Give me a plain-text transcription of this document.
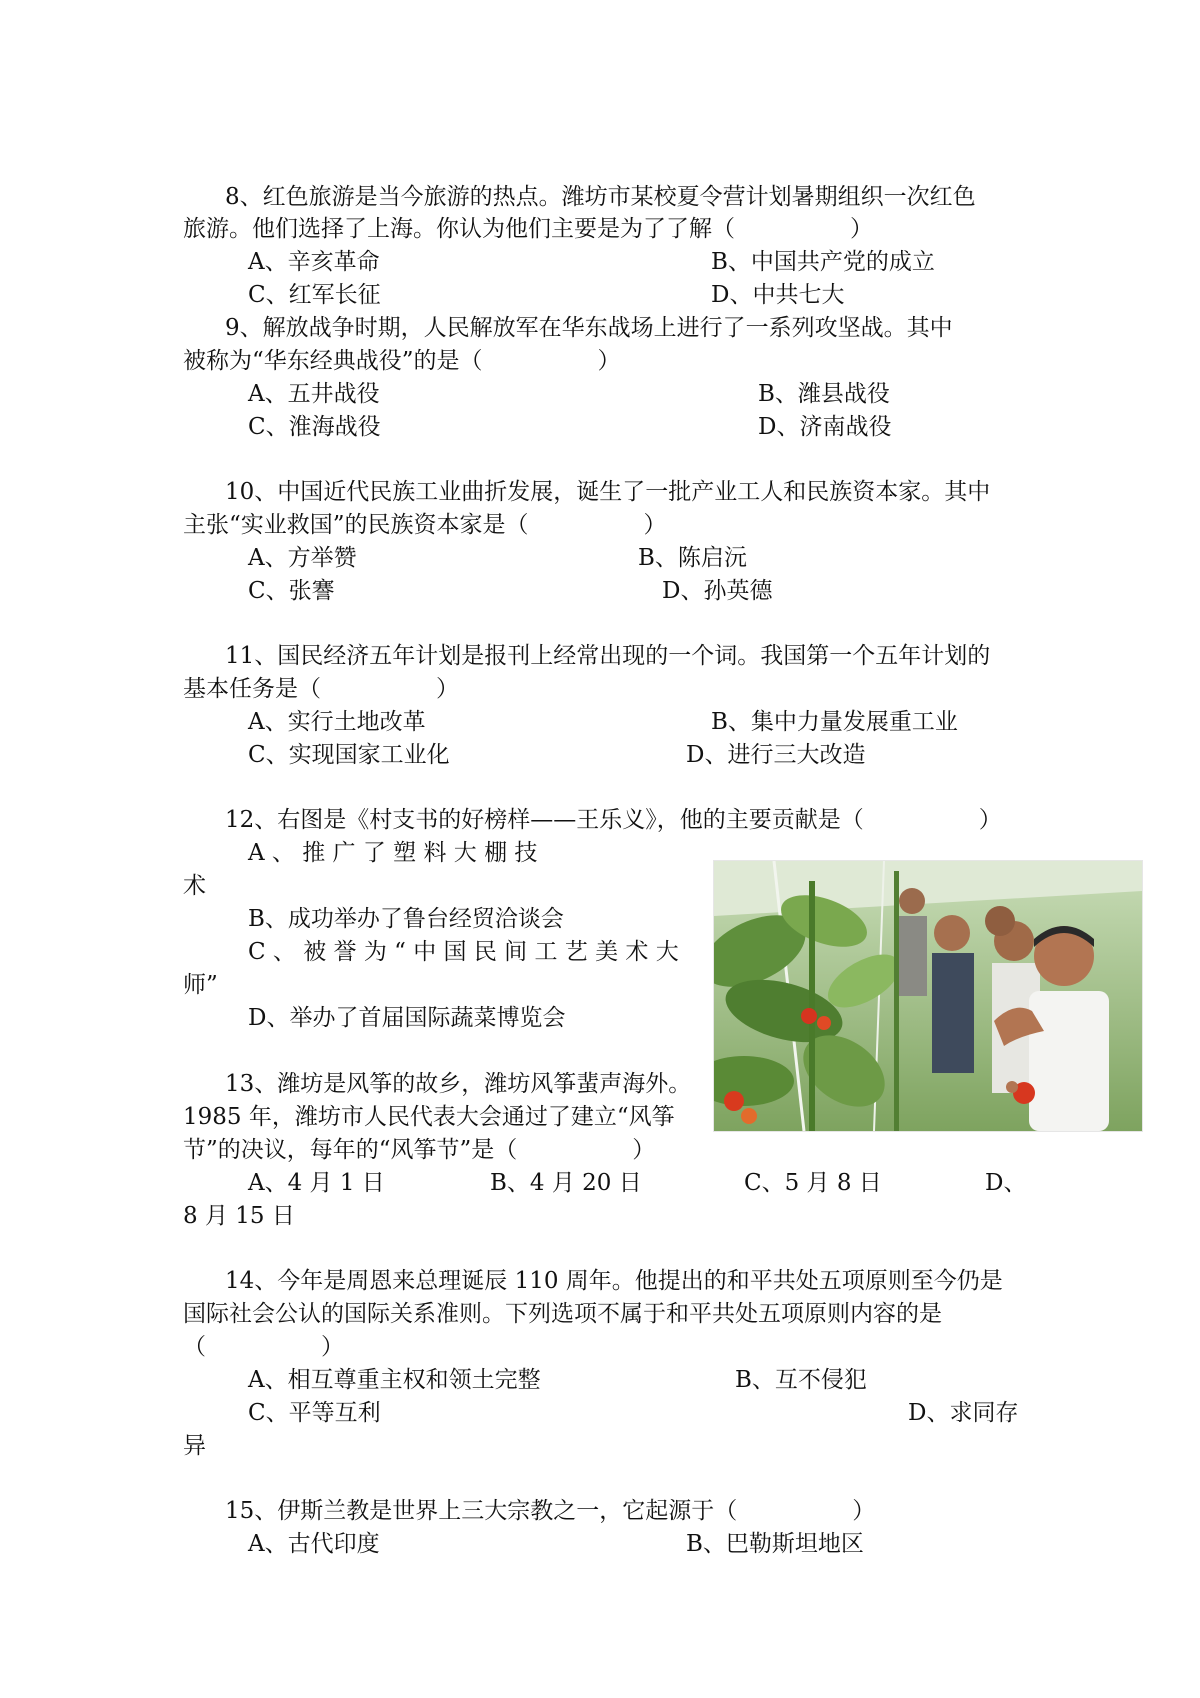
8、红色旅游是当今旅游的热点。潍坊市某校夏令营计划暑期组织一次红色
旅游。他们选择了上海。你认为他们主要是为了了解（　　　　　）
A、辛亥革命	B、中国共产党的成立
C、红军长征	D、中共七大
9、解放战争时期，人民解放军在华东战场上进行了一系列攻坚战。其中
被称为“华东经典战役”的是（　　　　　）
A、五井战役	B、潍县战役
C、淮海战役	D、济南战役
10、中国近代民族工业曲折发展，诞生了一批产业工人和民族资本家。其中
主张“实业救国”的民族资本家是（　　　　　）
A、方举赞	B、陈启沅
C、张謇	D、孙英德
11、国民经济五年计划是报刊上经常出现的一个词。我国第一个五年计划的
基本任务是（　　　　　）
A、实行土地改革	B、集中力量发展重工业
C、实现国家工业化	D、进行三大改造
12、右图是《村支书的好榜样——王乐义》，他的主要贡献是（　　　　　）
A 、 推 广 了 塑 料 大 棚 技
术
B、成功举办了鲁台经贸洽谈会
C 、 被 誉 为 “ 中 国 民 间 工 艺 美 术 大
师”
D、举办了首届国际蔬菜博览会
13、潍坊是风筝的故乡，潍坊风筝蜚声海外。
1985 年，潍坊市人民代表大会通过了建立“风筝
节”的决议，每年的“风筝节”是（　　　　　）
A、4 月 1 日	B、4 月 20 日	C、5 月 8 日	D、
8 月 15 日
14、今年是周恩来总理诞辰 110 周年。他提出的和平共处五项原则至今仍是
国际社会公认的国际关系准则。下列选项不属于和平共处五项原则内容的是
（　　　　　）
A、相互尊重主权和领土完整	B、互不侵犯
C、平等互利	D、求同存
异
15、伊斯兰教是世界上三大宗教之一，它起源于（　　　　　）
A、古代印度	B、巴勒斯坦地区
